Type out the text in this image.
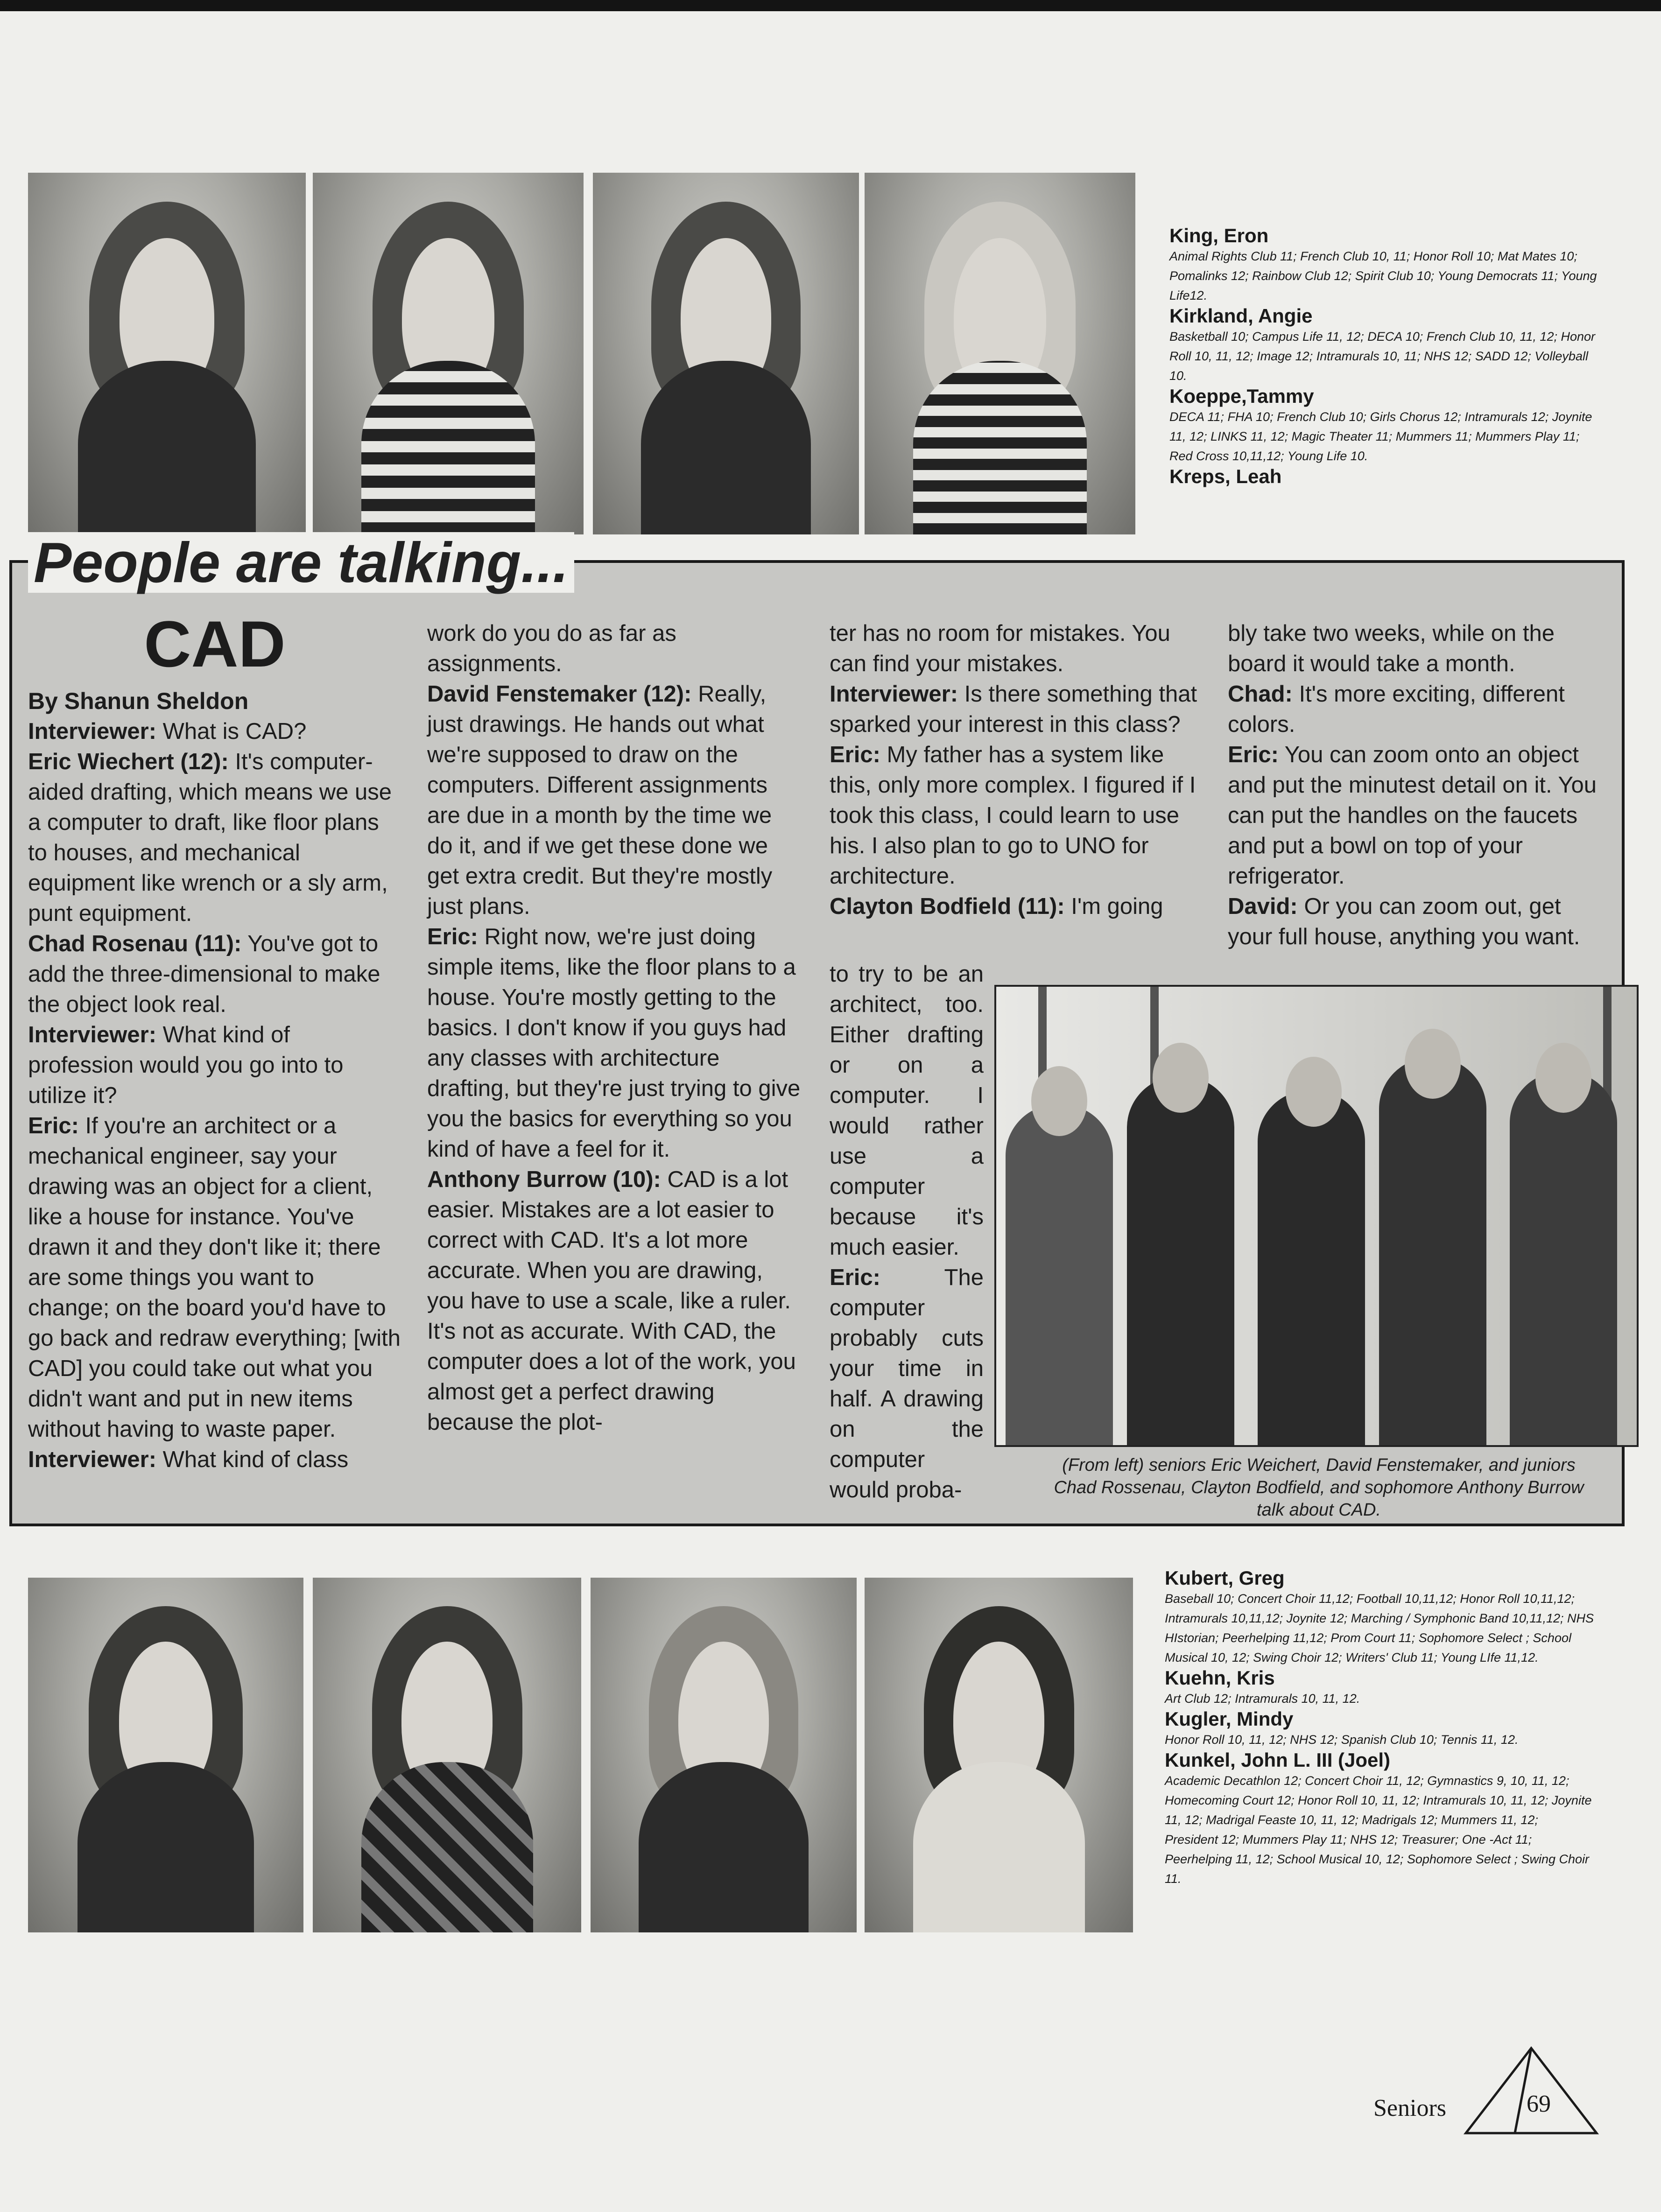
King, Eron
Animal Rights Club 11; French Club 10, 11; Honor Roll 10; Mat Mates 10; Pomalinks 12; Rainbow Club 12; Spirit Club 10; Young Democrats 11; Young Life12.
Kirkland, Angie
Basketball 10; Campus Life 11, 12; DECA 10; French Club 10, 11, 12; Honor Roll 10, 11, 12; Image 12; Intramurals 10, 11; NHS 12; SADD 12; Volleyball 10.
Koeppe,Tammy
DECA 11; FHA 10; French Club 10; Girls Chorus 12; Intramurals 12; Joynite 11, 12; LINKS 11, 12; Magic Theater 11; Mummers 11; Mummers Play 11; Red Cross 10,11,12; Young Life 10.
Kreps, Leah
People are talking...
CAD

By Shanun Sheldon

Interviewer: What is CAD?

Eric Wiechert (12): It's computer-aided drafting, which means we use a computer to draft, like floor plans to houses, and mechanical equipment like wrench or a sly arm, punt equipment.

Chad Rosenau (11): You've got to add the three-dimensional to make the object look real.

Interviewer: What kind of profession would you go into to utilize it?

Eric: If you're an architect or a mechanical engineer, say your drawing was an object for a client, like a house for instance. You've drawn it and they don't like it; there are some things you want to change; on the board you'd have to go back and redraw everything; [with CAD] you could take out what you didn't want and put in new items without having to waste paper.

Interviewer: What kind of class

work do you do as far as assignments.

David Fenstemaker (12): Really, just drawings. He hands out what we're supposed to draw on the computers. Different assignments are due in a month by the time we do it, and if we get these done we get extra credit. But they're mostly just plans.

Eric: Right now, we're just doing simple items, like the floor plans to a house. You're mostly getting to the basics. I don't know if you guys had any classes with architecture drafting, but they're just trying to give you the basics for everything so you kind of have a feel for it.

Anthony Burrow (10): CAD is a lot easier. Mistakes are a lot easier to correct with CAD. It's a lot more accurate. When you are drawing, you have to use a scale, like a ruler. It's not as accurate. With CAD, the computer does a lot of the work, you almost get a perfect drawing because the plot-

ter has no room for mistakes. You can find your mistakes.

Interviewer: Is there something that sparked your interest in this class?

Eric: My father has a system like this, only more complex. I figured if I took this class, I could learn to use his. I also plan to go to UNO for architecture.

Clayton Bodfield (11): I'm going

to try to be an architect, too. Either drafting or on a computer. I would rather use a computer because it's much easier.

Eric: The computer probably cuts your time in half. A drawing on the computer would proba-

bly take two weeks, while on the board it would take a month.

Chad: It's more exciting, different colors.

Eric: You can zoom onto an object and put the minutest detail on it. You can put the handles on the faucets and put a bowl on top of your refrigerator.

David: Or you can zoom out, get your full house, anything you want.

(From left) seniors Eric Weichert, David Fenstemaker, and juniors Chad Rossenau, Clayton Bodfield, and sophomore Anthony Burrow talk about CAD.
Kubert, Greg
Baseball 10; Concert Choir 11,12; Football 10,11,12; Honor Roll 10,11,12; Intramurals 10,11,12; Joynite 12; Marching / Symphonic Band 10,11,12; NHS HIstorian; Peerhelping 11,12; Prom Court 11; Sophomore Select ; School Musical 10, 12; Swing Choir 12; Writers' Club 11; Young LIfe 11,12.
Kuehn, Kris
Art Club 12; Intramurals 10, 11, 12.
Kugler, Mindy
Honor Roll 10, 11, 12; NHS 12; Spanish Club 10; Tennis 11, 12.
Kunkel, John L. III (Joel)
Academic Decathlon 12; Concert Choir 11, 12; Gymnastics 9, 10, 11, 12; Homecoming Court 12; Honor Roll 10, 11, 12; Intramurals 10, 11, 12; Joynite 11, 12; Madrigal Feaste 10, 11, 12; Madrigals 12; Mummers 11, 12; President 12; Mummers Play 11; NHS 12; Treasurer; One -Act 11; Peerhelping 11, 12; School Musical 10, 12; Sophomore Select ; Swing Choir 11.
Seniors	69
